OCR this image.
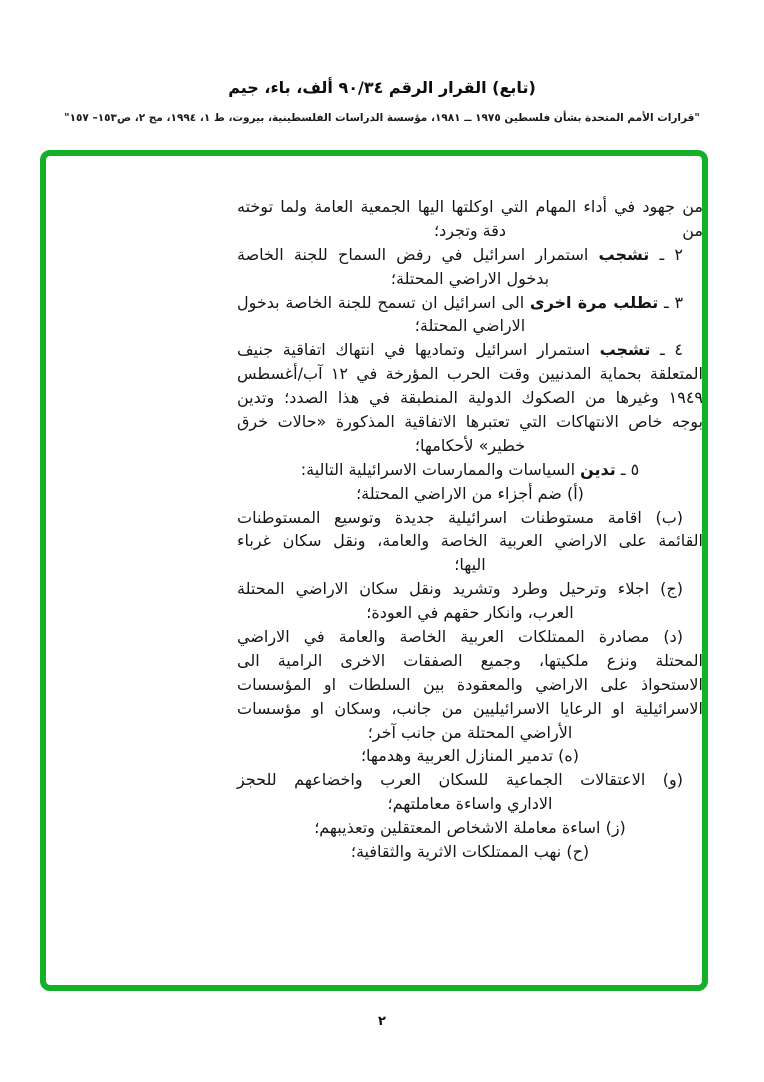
(تابع) القرار الرقم ٩٠/٣٤ ألف، باء، جيم
"قرارات الأمم المتحدة بشأن فلسطين ١٩٧٥ ــ ١٩٨١، مؤسسة الدراسات الفلسطينية، بيروت، ط ١، ١٩٩٤، مج ٢، ص١٥٣– ١٥٧"
من جهود في أداء المهام التي اوكلتها اليها الجمعية العامة ولما توخته من
دقة وتجرد؛
٢ ـ تشجب استمرار اسرائيل في رفض السماح للجنة الخاصة
بدخول الاراضي المحتلة؛
٣ ـ تطلب مرة اخرى الى اسرائيل ان تسمح للجنة الخاصة بدخول
الاراضي المحتلة؛
٤ ـ تشجب استمرار اسرائيل وتماديها في انتهاك اتفاقية جنيف
المتعلقة بحماية المدنيين وقت الحرب المؤرخة في ١٢ آب/أغسطس
١٩٤٩ وغيرها من الصكوك الدولية المنطبقة في هذا الصدد؛ وتدين
بوجه خاص الانتهاكات التي تعتبرها الاتفاقية المذكورة «حالات خرق
خطير» لأحكامها؛
٥ ـ تدين السياسات والممارسات الاسرائيلية التالية:
(أ) ضم أجزاء من الاراضي المحتلة؛
(ب) اقامة مستوطنات اسرائيلية جديدة وتوسيع المستوطنات
القائمة على الاراضي العربية الخاصة والعامة، ونقل سكان غرباء
اليها؛
(ج) اجلاء وترحيل وطرد وتشريد ونقل سكان الاراضي المحتلة
العرب، وانكار حقهم في العودة؛
(د) مصادرة الممتلكات العربية الخاصة والعامة في الاراضي
المحتلة ونزع ملكيتها، وجميع الصفقات الاخرى الرامية الى
الاستحواذ على الاراضي والمعقودة بين السلطات او المؤسسات
الاسرائيلية او الرعايا الاسرائيليين من جانب، وسكان او مؤسسات
الأراضي المحتلة من جانب آخر؛
(ه) تدمير المنازل العربية وهدمها؛
(و) الاعتقالات الجماعية للسكان العرب واخضاعهم للحجز
الاداري واساءة معاملتهم؛
(ز) اساءة معاملة الاشخاص المعتقلين وتعذيبهم؛
(ح) نهب الممتلكات الاثرية والثقافية؛
٢
